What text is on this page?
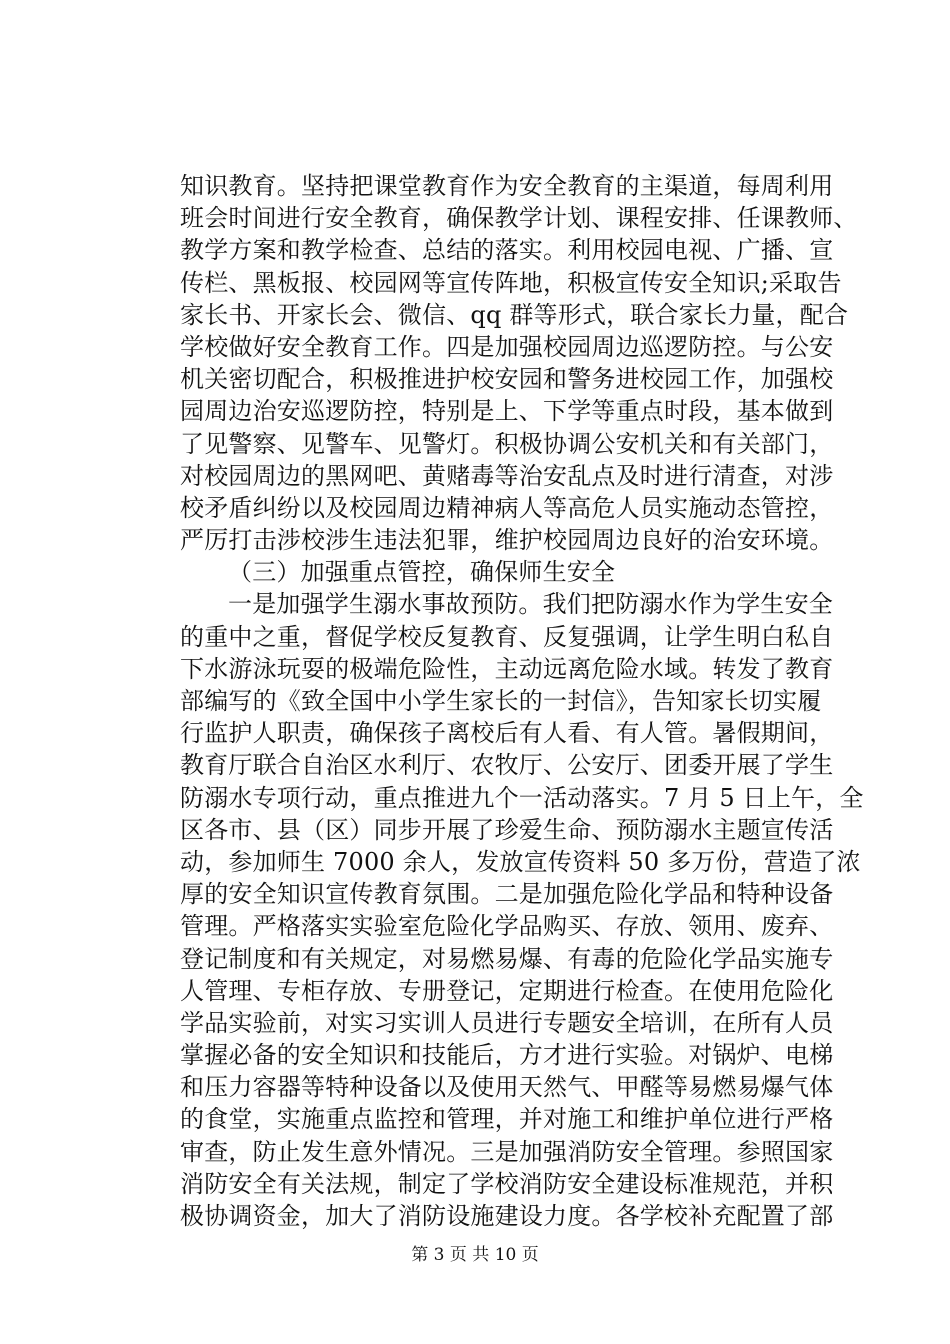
知识教育。坚持把课堂教育作为安全教育的主渠道，每周利用
班会时间进行安全教育，确保教学计划、课程安排、任课教师、
教学方案和教学检查、总结的落实。利用校园电视、广播、宣
传栏、黑板报、校园网等宣传阵地，积极宣传安全知识;采取告
家长书、开家长会、微信、qq 群等形式，联合家长力量，配合
学校做好安全教育工作。四是加强校园周边巡逻防控。与公安
机关密切配合，积极推进护校安园和警务进校园工作，加强校
园周边治安巡逻防控，特别是上、下学等重点时段，基本做到
了见警察、见警车、见警灯。积极协调公安机关和有关部门，
对校园周边的黑网吧、黄赌毒等治安乱点及时进行清查，对涉
校矛盾纠纷以及校园周边精神病人等高危人员实施动态管控，
严厉打击涉校涉生违法犯罪，维护校园周边良好的治安环境。
（三）加强重点管控，确保师生安全
一是加强学生溺水事故预防。我们把防溺水作为学生安全
的重中之重，督促学校反复教育、反复强调，让学生明白私自
下水游泳玩耍的极端危险性，主动远离危险水域。转发了教育
部编写的《致全国中小学生家长的一封信》，告知家长切实履
行监护人职责，确保孩子离校后有人看、有人管。暑假期间，
教育厅联合自治区水利厅、农牧厅、公安厅、团委开展了学生
防溺水专项行动，重点推进九个一活动落实。7 月 5 日上午，全
区各市、县（区）同步开展了珍爱生命、预防溺水主题宣传活
动，参加师生 7000 余人，发放宣传资料 50 多万份，营造了浓
厚的安全知识宣传教育氛围。二是加强危险化学品和特种设备
管理。严格落实实验室危险化学品购买、存放、领用、废弃、
登记制度和有关规定，对易燃易爆、有毒的危险化学品实施专
人管理、专柜存放、专册登记，定期进行检查。在使用危险化
学品实验前，对实习实训人员进行专题安全培训，在所有人员
掌握必备的安全知识和技能后，方才进行实验。对锅炉、电梯
和压力容器等特种设备以及使用天然气、甲醛等易燃易爆气体
的食堂，实施重点监控和管理，并对施工和维护单位进行严格
审查，防止发生意外情况。三是加强消防安全管理。参照国家
消防安全有关法规，制定了学校消防安全建设标准规范，并积
极协调资金，加大了消防设施建设力度。各学校补充配置了部
第 3 页 共 10 页
